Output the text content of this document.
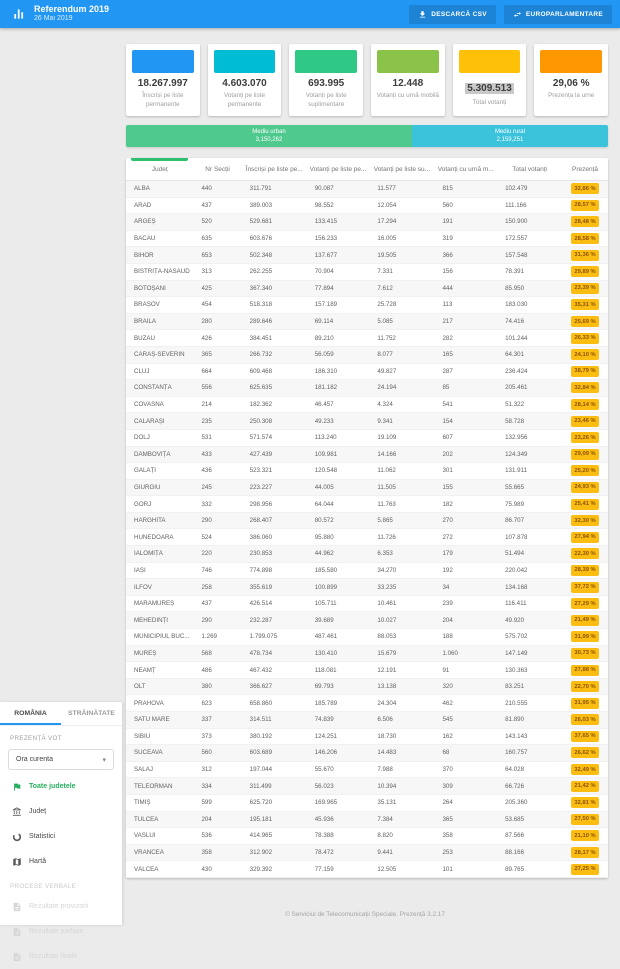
Referendum 2019
26 Mai 2019
DESCARCĂ CSV	EUROPARLAMENTARE
18.267.997
Înscriși pe liste permanente
4.603.070
Votanți pe liste permanente
693.995
Votanți pe liste suplimentare
12.448
Votanți cu urnă mobilă
5.309.513
Total votanți
29,06 %
Prezența la urne
Mediu urban
3,150,262
Mediu rural
2,159,251
Județ	Nr Secții	Înscriși pe liste pe...	Votanți pe liste pe...	Votanți pe liste su...	Votanți cu urnă m...	Total votanți	Prezență
ALBA	440	311.791	90.087	11.577	815	102.479	32,86 %
ARAD	437	389.003	98.552	12.054	560	111.166	28,57 %
ARGEȘ	520	529.681	133.415	17.294	191	150.900	28,48 %
BACĂU	635	603.676	156.233	16.005	319	172.557	28,58 %
BIHOR	653	502.348	137.677	19.505	366	157.548	31,36 %
BISTRIȚA-NĂSĂUD	313	262.255	70.904	7.331	156	78.391	29,89 %
BOTOȘANI	425	367.340	77.894	7.612	444	85.950	23,39 %
BRAȘOV	454	518.318	157.189	25.728	113	183.030	35,31 %
BRĂILA	280	289.646	69.114	5.085	217	74.416	25,69 %
BUZĂU	426	384.451	89.210	11.752	282	101.244	26,33 %
CARAȘ-SEVERIN	365	266.732	56.059	8.077	165	64.301	24,10 %
CLUJ	664	609.468	186.310	49.827	287	236.424	38,79 %
CONSTANȚA	556	625.635	181.182	24.194	85	205.461	32,84 %
COVASNA	214	182.362	46.457	4.324	541	51.322	28,14 %
CĂLĂRAȘI	235	250.308	49.233	9.341	154	58.728	23,46 %
DOLJ	531	571.574	113.240	19.109	607	132.956	23,26 %
DÂMBOVIȚA	433	427.439	109.981	14.166	202	124.349	29,09 %
GALAȚI	436	523.321	120.548	11.062	301	131.911	25,20 %
GIURGIU	245	223.227	44.005	11.505	155	55.665	24,93 %
GORJ	332	298.956	64.044	11.763	182	75.989	25,41 %
HARGHITA	290	268.407	80.572	5.865	270	86.707	32,30 %
HUNEDOARA	524	386.060	95.880	11.726	272	107.878	27,94 %
IALOMIȚA	220	230.853	44.962	6.353	179	51.494	22,30 %
IAȘI	746	774.898	185.580	34.270	192	220.042	28,39 %
ILFOV	258	355.619	100.899	33.235	34	134.168	37,72 %
MARAMUREȘ	437	426.514	105.711	10.461	239	116.411	27,29 %
MEHEDINȚI	290	232.287	39.689	10.027	204	49.920	21,49 %
MUNICIPIUL BUC...	1.269	1.799.075	487.461	88.053	188	575.702	31,99 %
MUREȘ	568	478.734	130.410	15.679	1.060	147.149	30,73 %
NEAMȚ	486	467.432	118.081	12.191	91	130.363	27,88 %
OLT	380	366.627	69.793	13.138	320	83.251	22,70 %
PRAHOVA	623	658.860	185.789	24.304	462	210.555	31,95 %
SATU MARE	337	314.511	74.839	6.506	545	81.890	26,03 %
SIBIU	373	380.192	124.251	18.730	162	143.143	37,65 %
SUCEAVA	560	603.689	146.206	14.483	68	160.757	26,62 %
SĂLAJ	312	197.044	55.670	7.988	370	64.028	32,49 %
TELEORMAN	334	311.499	56.023	10.394	309	66.726	21,42 %
TIMIȘ	599	625.720	169.965	35.131	264	205.360	32,81 %
TULCEA	204	195.181	45.936	7.384	365	53.685	27,50 %
VASLUI	536	414.965	78.388	8.820	358	87.566	21,10 %
VRANCEA	358	312.902	78.472	9.441	253	88.166	28,17 %
VÂLCEA	430	329.392	77.159	12.505	101	89.765	27,25 %
ROMÂNIA	STRĂINĂTATE
PREZENȚĂ VOT
Ora curenta	▾
Toate judetele
Județ
Statistici
Hartă
PROCESE VERBALE
Rezultate provizorii
Rezultate parțiale
Rezultate finale
© Serviciul de Telecomunicații Speciale. Prezență 3.2.17
